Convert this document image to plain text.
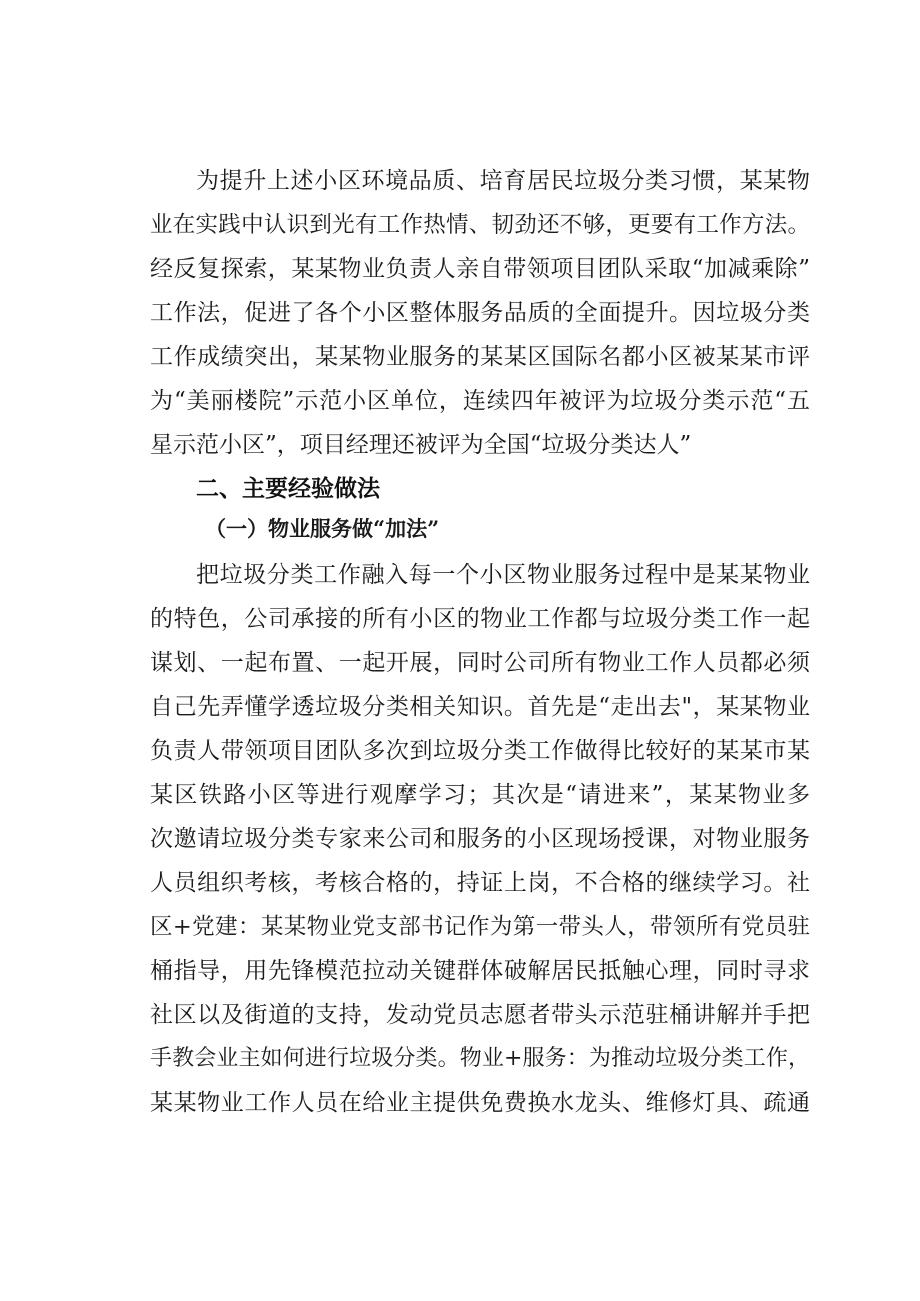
为提升上述小区环境品质、培育居民垃圾分类习惯，某某物

业在实践中认识到光有工作热情、韧劲还不够，更要有工作方法。

经反复探索，某某物业负责人亲自带领项目团队采取“加减乘除”

工作法，促进了各个小区整体服务品质的全面提升。因垃圾分类

工作成绩突出，某某物业服务的某某区国际名都小区被某某市评

为“美丽楼院”示范小区单位，连续四年被评为垃圾分类示范“五

星示范小区”，项目经理还被评为全国“垃圾分类达人”

二、主要经验做法
（一）物业服务做“加法”

把垃圾分类工作融入每一个小区物业服务过程中是某某物业

的特色，公司承接的所有小区的物业工作都与垃圾分类工作一起

谋划、一起布置、一起开展，同时公司所有物业工作人员都必须

自己先弄懂学透垃圾分类相关知识。首先是“走出去"，某某物业

负责人带领项目团队多次到垃圾分类工作做得比较好的某某市某

某区铁路小区等进行观摩学习；其次是“请进来”，某某物业多

次邀请垃圾分类专家来公司和服务的小区现场授课，对物业服务

人员组织考核，考核合格的，持证上岗，不合格的继续学习。社

区+党建：某某物业党支部书记作为第一带头人，带领所有党员驻

桶指导，用先锋模范拉动关键群体破解居民抵触心理，同时寻求

社区以及街道的支持，发动党员志愿者带头示范驻桶讲解并手把

手教会业主如何进行垃圾分类。物业+服务：为推动垃圾分类工作，

某某物业工作人员在给业主提供免费换水龙头、维修灯具、疏通
